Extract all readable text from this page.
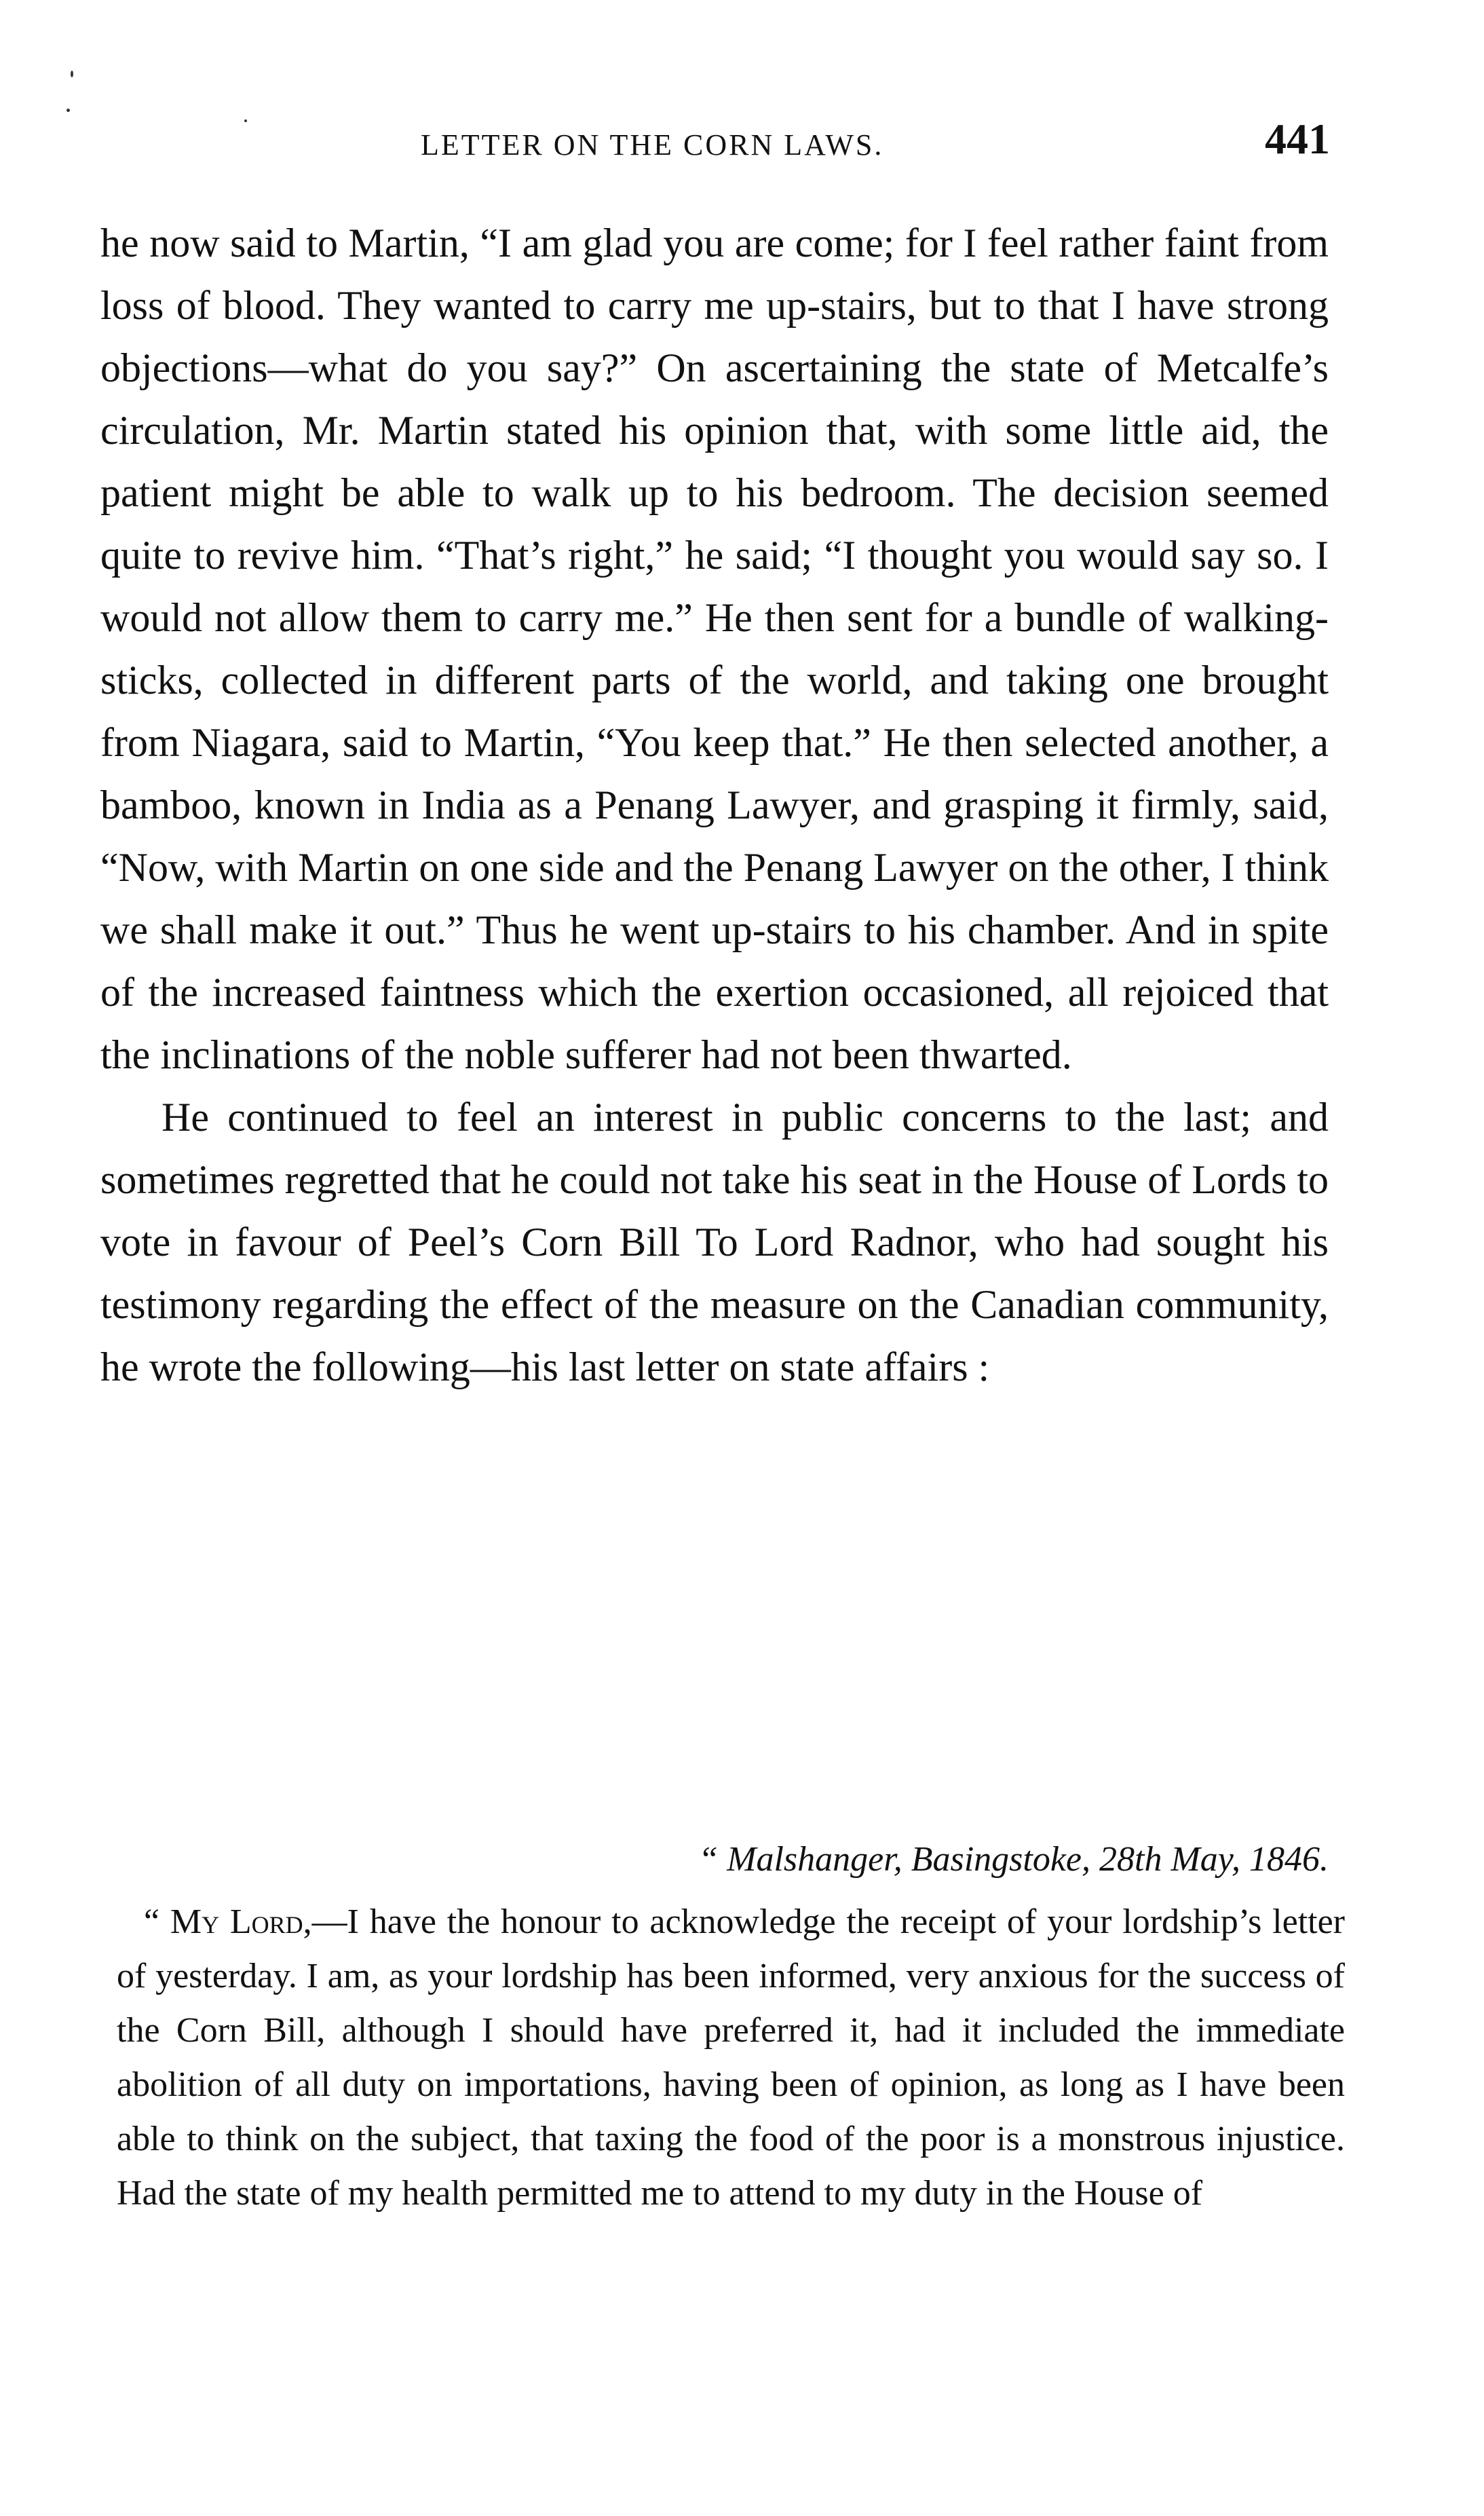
LETTER ON THE CORN LAWS.	441

he now said to Martin, “I am glad you are come; for I feel rather faint from loss of blood. They wanted to carry me up-stairs, but to that I have strong objections—what do you say?” On ascertaining the state of Metcalfe’s circulation, Mr. Martin stated his opinion that, with some little aid, the patient might be able to walk up to his bedroom. The decision seemed quite to revive him. “That’s right,” he said; “I thought you would say so. I would not allow them to carry me.” He then sent for a bundle of walking-sticks, collected in different parts of the world, and taking one brought from Niagara, said to Martin, “You keep that.” He then selected another, a bamboo, known in India as a Penang Lawyer, and grasping it firmly, said, “Now, with Martin on one side and the Penang Lawyer on the other, I think we shall make it out.” Thus he went up-stairs to his chamber. And in spite of the increased faintness which the exertion occasioned, all rejoiced that the inclinations of the noble sufferer had not been thwarted.

He continued to feel an interest in public concerns to the last; and sometimes regretted that he could not take his seat in the House of Lords to vote in favour of Peel’s Corn Bill To Lord Radnor, who had sought his testimony regarding the effect of the measure on the Canadian community, he wrote the following—his last letter on state affairs :

“ Malshanger, Basingstoke, 28th May, 1846.

“ My Lord,—I have the honour to acknowledge the receipt of your lordship’s letter of yesterday. I am, as your lordship has been informed, very anxious for the success of the Corn Bill, although I should have preferred it, had it included the immediate abolition of all duty on importations, having been of opinion, as long as I have been able to think on the subject, that taxing the food of the poor is a monstrous injustice. Had the state of my health permitted me to attend to my duty in the House of
